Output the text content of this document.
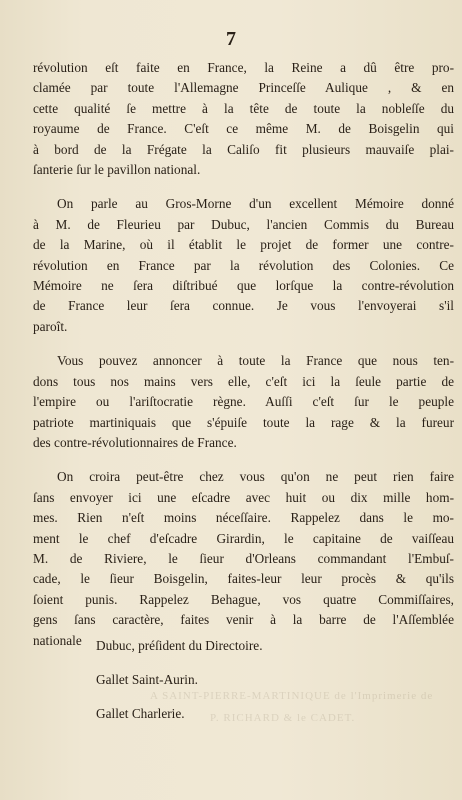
A SAINT-PIERRE-MARTINIQUE de l'Imprimerie de
P. RICHARD & le CADET.
7

révolution eſt faite en France, la Reine a dû être pro-
clamée par toute l'Allemagne Princeſſe Aulique , & en
cette qualité ſe mettre à la tête de toute la nobleſſe du
royaume de France. C'eſt ce même M. de Boisgelin qui
à bord de la Frégate la Caliſo fit plusieurs mauvaiſe plai-
ſanterie ſur le pavillon national.

On parle au Gros-Morne d'un excellent Mémoire donné
à M. de Fleurieu par Dubuc, l'ancien Commis du Bureau
de la Marine, où il établit le projet de former une contre-
révolution en France par la révolution des Colonies. Ce
Mémoire ne ſera diſtribué que lorſque la contre-révolution
de France leur ſera connue. Je vous l'envoyerai s'il
paroît.

Vous pouvez annoncer à toute la France que nous ten-
dons tous nos mains vers elle, c'eſt ici la ſeule partie de
l'empire ou l'ariſtocratie règne. Auſſi c'eſt ſur le peuple
patriote martiniquais que s'épuiſe toute la rage & la fureur
des contre-révolutionnaires de France.

On croira peut-être chez vous qu'on ne peut rien faire
ſans envoyer ici une eſcadre avec huit ou dix mille hom-
mes. Rien n'eſt moins néceſſaire. Rappelez dans le mo-
ment le chef d'eſcadre Girardin, le capitaine de vaiſſeau
M. de Riviere, le ſieur d'Orleans commandant l'Embuſ-
cade, le ſieur Boisgelin, faites-leur leur procès & qu'ils
ſoient punis. Rappelez Behague, vos quatre Commiſſaires,
gens ſans caractère, faites venir à la barre de l'Aſſemblée
nationale	Dubuc, préſident du Directoire.
Gallet Saint-Aurin.
Gallet Charlerie.
